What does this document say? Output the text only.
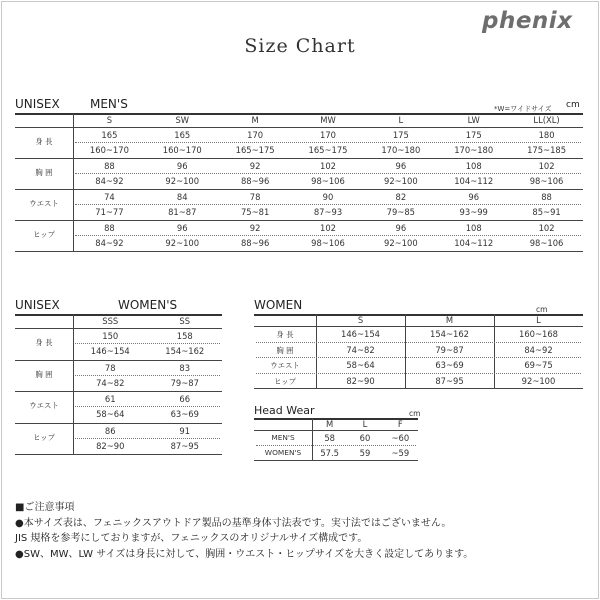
phenix
Size Chart
UNISEX	MEN'S	*W=ワイドサイズ cm
S	SW	M	MW	L	LW	LL(XL)
身 長
165	165	170	170	175	175	180
160~170	160~170	165~175	165~175	170~180	170~180	175~185
胸 囲
88	96	92	102	96	108	102
84~92	92~100	88~96	98~106	92~100	104~112	98~106
ウエスト
74	84	78	90	82	96	88
71~77	81~87	75~81	87~93	79~85	93~99	85~91
ヒップ
88	96	92	102	96	108	102
84~92	92~100	88~96	98~106	92~100	104~112	98~106
UNISEX	WOMEN'S
SSS	SS
身 長
150	158
146~154	154~162
胸 囲
78	83
74~82	79~87
ウエスト
61	66
58~64	63~69
ヒップ
86	91
82~90	87~95
WOMEN	cm
S	M	L
身 長	146~154	154~162	160~168
胸 囲	74~82	79~87	84~92
ウエスト	58~64	63~69	69~75
ヒップ	82~90	87~95	92~100
Head Wear	cm
M	L	F
MEN'S	58	60	~60
WOMEN'S	57.5	59	~59
■ご注意事項
●本サイズ表は、フェニックスアウトドア製品の基準身体寸法表です。実寸法ではございません。
JIS 規格を参考にしておりますが、フェニックスのオリジナルサイズ構成です。
●SW、MW、LW サイズは身長に対して、胸囲・ウエスト・ヒップサイズを大きく設定してあります。
